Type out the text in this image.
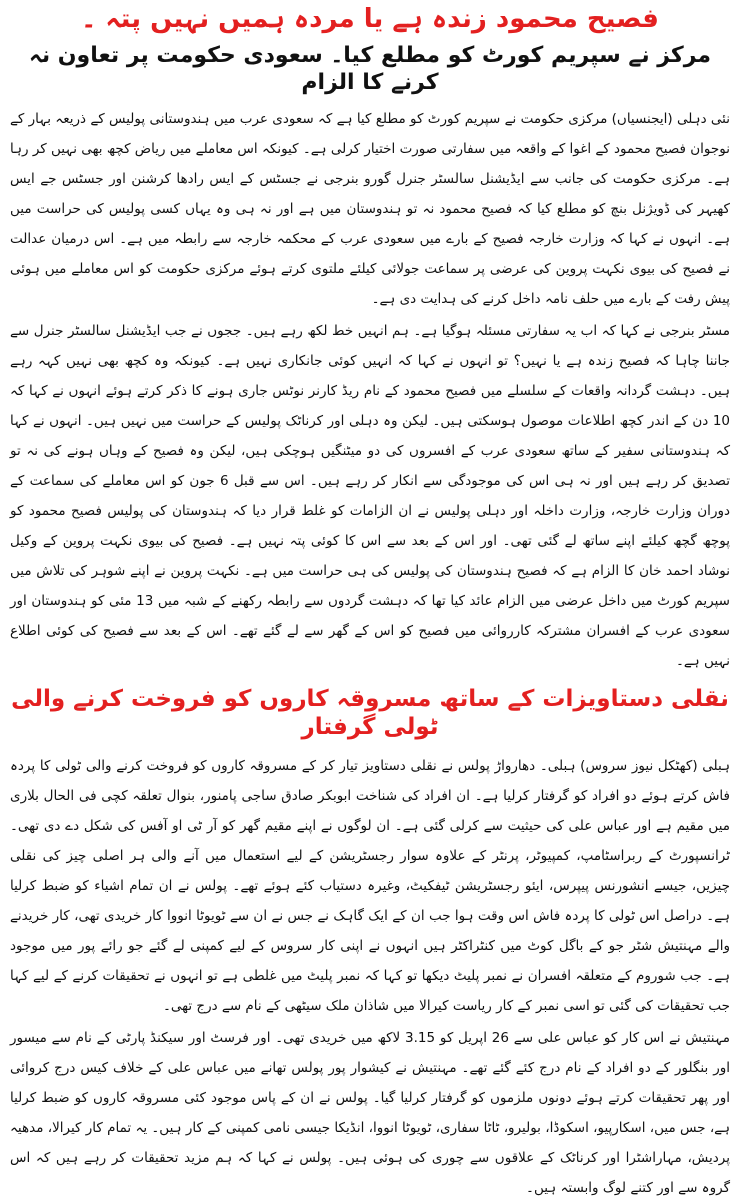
فصیح محمود زندہ ہے یا مردہ ہمیں نہیں پتہ ۔
مرکز نے سپریم کورٹ کو مطلع کیا۔ سعودی حکومت پر تعاون نہ کرنے کا الزام

نئی دہلی (ایجنسیاں) مرکزی حکومت نے سپریم کورٹ کو مطلع کیا ہے کہ سعودی عرب میں ہندوستانی پولیس کے ذریعہ بہار کے نوجوان فصیح محمود کے اغوا کے واقعہ میں سفارتی صورت اختیار کرلی ہے۔ کیونکہ اس معاملے میں ریاض کچھ بھی نہیں کر رہا ہے۔ مرکزی حکومت کی جانب سے ایڈیشنل سالسٹر جنرل گورو بنرجی نے جسٹس کے ایس رادھا کرشنن اور جسٹس جے ایس کھیہر کی ڈویژنل بنچ کو مطلع کیا کہ فصیح محمود نہ تو ہندوستان میں ہے اور نہ ہی وہ یہاں کسی پولیس کی حراست میں ہے۔ انہوں نے کہا کہ وزارت خارجہ فصیح کے بارے میں سعودی عرب کے محکمہ خارجہ سے رابطہ میں ہے۔ اس درمیان عدالت نے فصیح کی بیوی نکہت پروین کی عرضی پر سماعت جولائی کیلئے ملتوی کرتے ہوئے مرکزی حکومت کو اس معاملے میں ہوئی پیش رفت کے بارے میں حلف نامہ داخل کرنے کی ہدایت دی ہے۔

مسٹر بنرجی نے کہا کہ اب یہ سفارتی مسئلہ ہوگیا ہے۔ ہم انہیں خط لکھ رہے ہیں۔ ججوں نے جب ایڈیشنل سالسٹر جنرل سے جاننا چاہا کہ فصیح زندہ ہے یا نہیں؟ تو انہوں نے کہا کہ انہیں کوئی جانکاری نہیں ہے۔ کیونکہ وہ کچھ بھی نہیں کہہ رہے ہیں۔ دہشت گردانہ واقعات کے سلسلے میں فصیح محمود کے نام ریڈ کارنر نوٹس جاری ہونے کا ذکر کرتے ہوئے انہوں نے کہا کہ 10 دن کے اندر کچھ اطلاعات موصول ہوسکتی ہیں۔ لیکن وہ دہلی اور کرناٹک پولیس کے حراست میں نہیں ہیں۔ انہوں نے کہا کہ ہندوستانی سفیر کے ساتھ سعودی عرب کے افسروں کی دو میٹنگیں ہوچکی ہیں، لیکن وہ فصیح کے وہاں ہونے کی نہ تو تصدیق کر رہے ہیں اور نہ ہی اس کی موجودگی سے انکار کر رہے ہیں۔ اس سے قبل 6 جون کو اس معاملے کی سماعت کے دوران وزارت خارجہ، وزارت داخلہ اور دہلی پولیس نے ان الزامات کو غلط قرار دیا کہ ہندوستان کی پولیس فصیح محمود کو پوچھ گچھ کیلئے اپنے ساتھ لے گئی تھی۔ اور اس کے بعد سے اس کا کوئی پتہ نہیں ہے۔ فصیح کی بیوی نکہت پروین کے وکیل نوشاد احمد خان کا الزام ہے کہ فصیح ہندوستان کی پولیس کی ہی حراست میں ہے۔ نکہت پروین نے اپنے شوہر کی تلاش میں سپریم کورٹ میں داخل عرضی میں الزام عائد کیا تھا کہ دہشت گردوں سے رابطہ رکھنے کے شبہ میں 13 مئی کو ہندوستان اور سعودی عرب کے افسران مشترکہ کارروائی میں فصیح کو اس کے گھر سے لے گئے تھے۔ اس کے بعد سے فصیح کی کوئی اطلاع نہیں ہے۔

نقلی دستاویزات کے ساتھ مسروقہ کاروں کو فروخت کرنے والی ٹولی گرفتار

ہبلی (کھٹکل نیوز سروس) ہبلی۔ دھارواڑ پولس نے نقلی دستاویز تیار کر کے مسروقہ کاروں کو فروخت کرنے والی ٹولی کا پردہ فاش کرتے ہوئے دو افراد کو گرفتار کرلیا ہے۔ ان افراد کی شناخت ابوبکر صادق ساجی پامنور، بنوال تعلقہ کچی فی الحال بلاری میں مقیم ہے اور عباس علی کی حیثیت سے کرلی گئی ہے۔ ان لوگوں نے اپنے مقیم گھر کو آر ٹی او آفس کی شکل دے دی تھی۔ ٹرانسپورٹ کے ربراسٹامپ، کمپیوٹر، پرنٹر کے علاوہ سوار رجسٹریشن کے لیے استعمال میں آنے والی ہر اصلی چیز کی نقلی چیزیں، جیسے انشورنس پیپرس، ایئو رجسٹریشن ٹیفکیٹ، وغیرہ دستیاب کئے ہوئے تھے۔ پولس نے ان تمام اشیاء کو ضبط کرلیا ہے۔ دراصل اس ٹولی کا پردہ فاش اس وقت ہوا جب ان کے ایک گاہک نے جس نے ان سے ٹویوٹا انووا کار خریدی تھی، کار خریدنے والے مہنتیش شٹر جو کے باگل کوٹ میں کنٹراکٹر ہیں انہوں نے اپنی کار سروس کے لیے کمپنی لے گئے جو رائے پور میں موجود ہے۔ جب شوروم کے متعلقہ افسران نے نمبر پلیٹ دیکھا تو کہا کہ نمبر پلیٹ میں غلطی ہے تو انہوں نے تحقیقات کرنے کے لیے کہا جب تحقیقات کی گئی تو اسی نمبر کے کار ریاست کیرالا میں شاذان ملک سیٹھی کے نام سے درج تھی۔

مہنتیش نے اس کار کو عباس علی سے 26 اپریل کو 3.15 لاکھ میں خریدی تھی۔ اور فرسٹ اور سیکنڈ پارٹی کے نام سے میسور اور بنگلور کے دو افراد کے نام درج کئے گئے تھے۔ مہنتیش نے کیشوار پور پولس تھانے میں عباس علی کے خلاف کیس درج کروائی اور پھر تحقیقات کرتے ہوئے دونوں ملزموں کو گرفتار کرلیا گیا۔ پولس نے ان کے پاس موجود کئی مسروقہ کاروں کو ضبط کرلیا ہے، جس میں، اسکارپیو، اسکوڈا، بولیرو، ٹاٹا سفاری، ٹویوٹا انووا، انڈیکا جیسی نامی کمپنی کے کار ہیں۔ یہ تمام کار کیرالا، مدھیہ پردیش، مہاراشٹرا اور کرناٹک کے علاقوں سے چوری کی ہوئی ہیں۔ پولس نے کہا کہ ہم مزید تحقیقات کر رہے ہیں کہ اس گروہ سے اور کتنے لوگ وابستہ ہیں۔
